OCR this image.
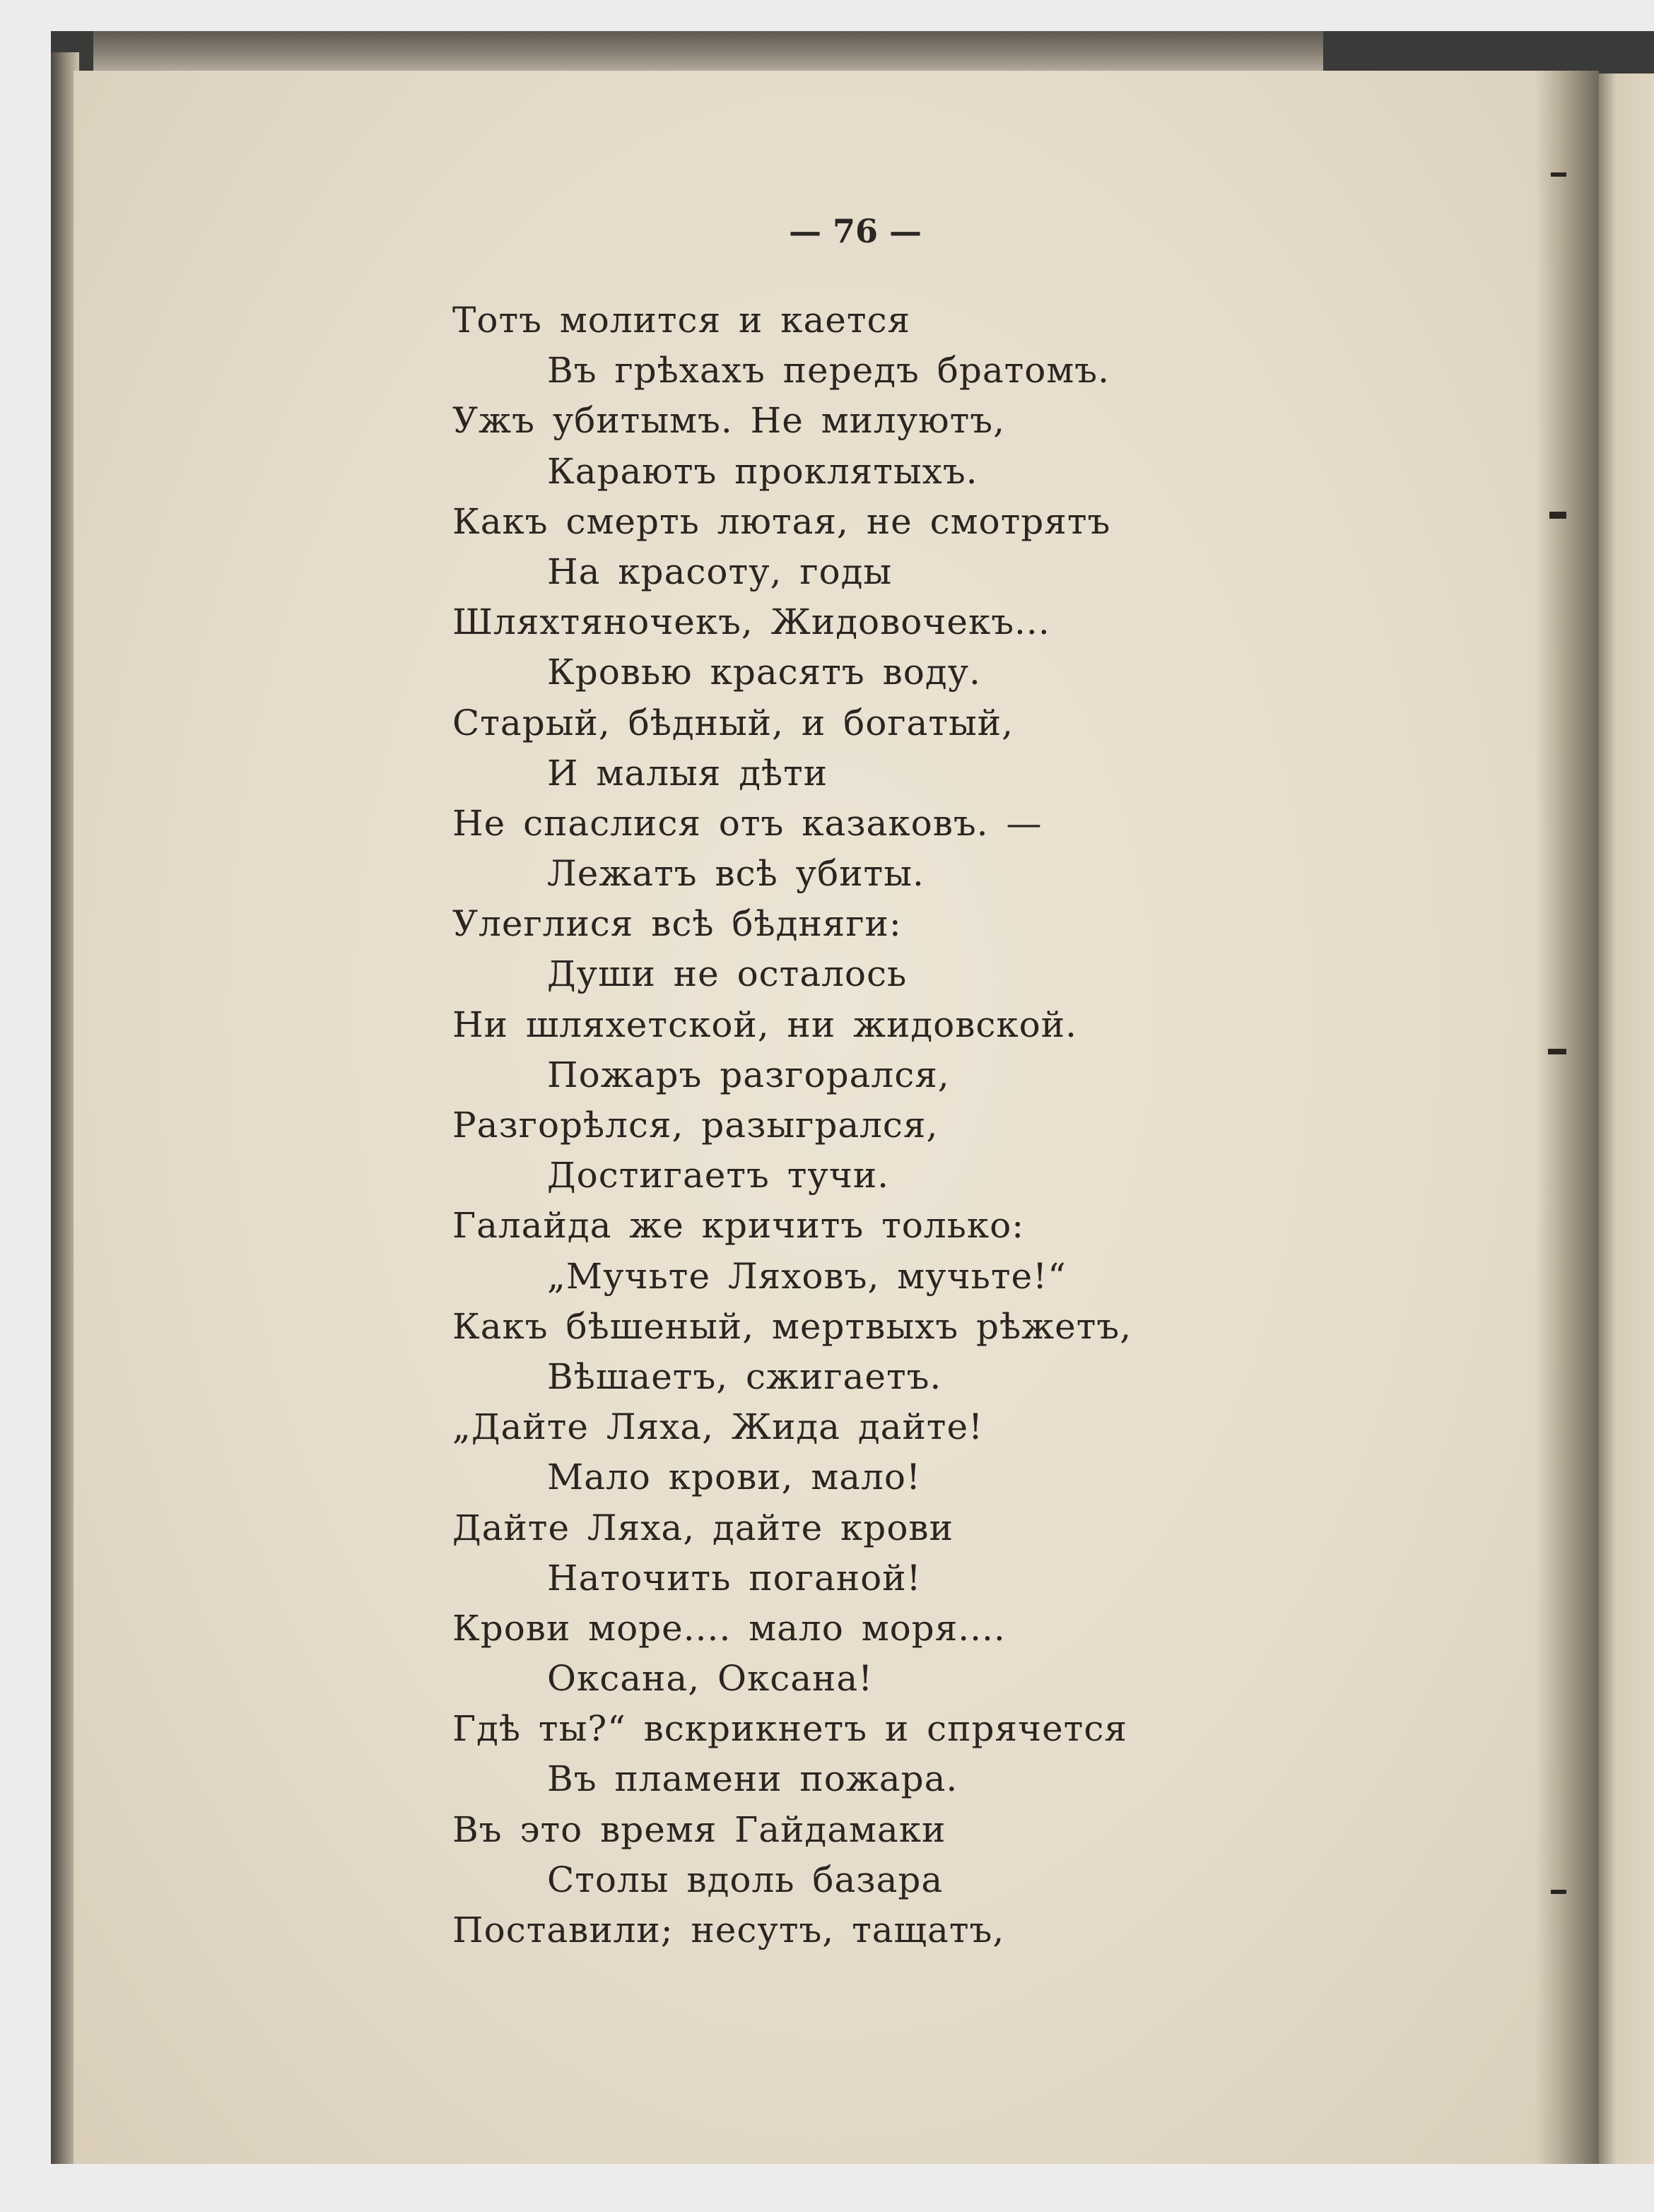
— 76 —
Тотъ молится и кается
Въ грѣхахъ передъ братомъ.
Ужъ убитымъ. Не милуютъ,
Караютъ проклятыхъ.
Какъ смерть лютая, не смотрятъ
На красоту, годы
Шляхтяночекъ, Жидовочекъ...
Кровью красятъ воду.
Старый, бѣдный, и богатый,
И малыя дѣти
Не спаслися отъ казаковъ. —
Лежатъ всѣ убиты.
Улеглися всѣ бѣдняги:
Души не осталось
Ни шляхетской, ни жидовской.
Пожаръ разгорался,
Разгорѣлся, разыгрался,
Достигаетъ тучи.
Галайда же кричитъ только:
„Мучьте Ляховъ, мучьте!“
Какъ бѣшеный, мертвыхъ рѣжетъ,
Вѣшаетъ, сжигаетъ.
„Дайте Ляха, Жида дайте!
Мало крови, мало!
Дайте Ляха, дайте крови
Наточить поганой!
Крови море.... мало моря....
Оксана, Оксана!
Гдѣ ты?“ вскрикнетъ и спрячется
Въ пламени пожара.
Въ это время Гайдамаки
Столы вдоль базара
Поставили; несутъ, тащатъ,
